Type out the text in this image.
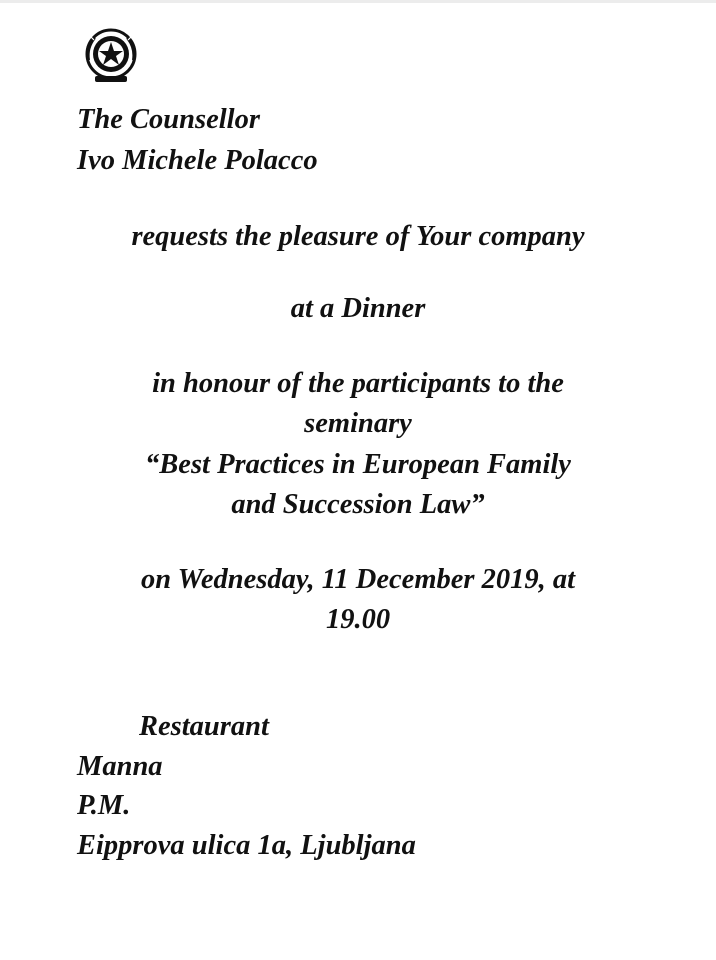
The Counsellor

Ivo Michele Polacco

requests the pleasure of Your company

at a Dinner

in honour of the participants to the

seminary

“Best Practices in European Family

and Succession Law”

on Wednesday, 11 December 2019, at

19.00

Restaurant

Manna

P.M.

Eipprova ulica 1a, Ljubljana
